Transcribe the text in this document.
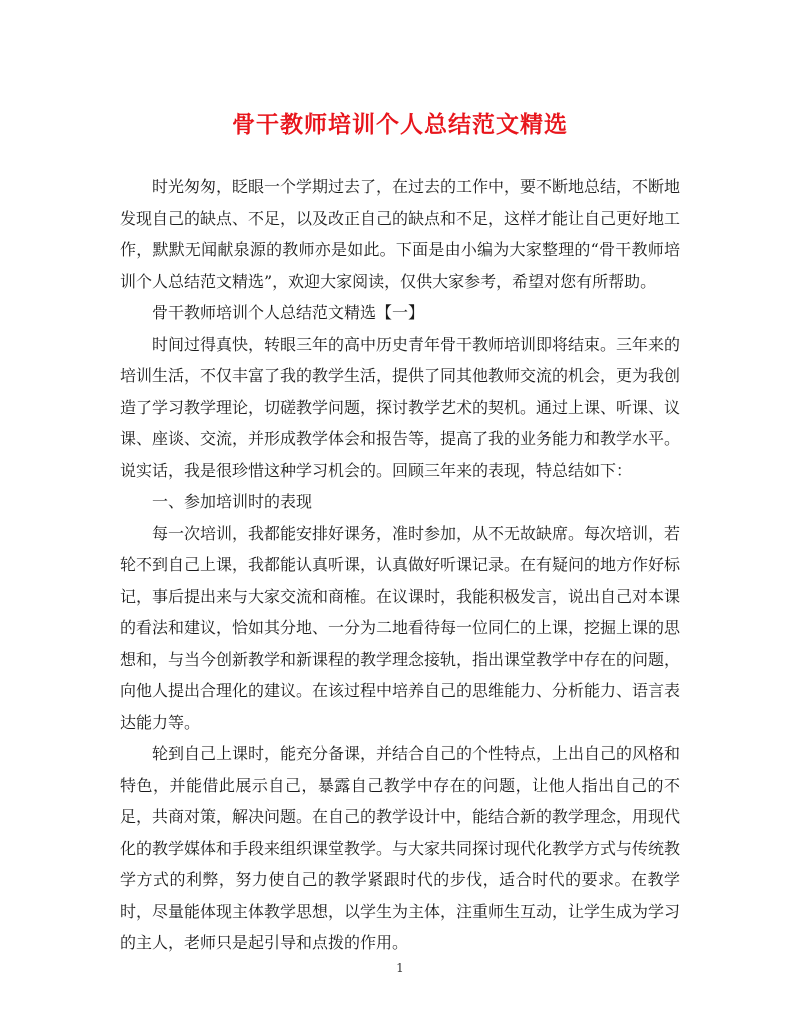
骨干教师培训个人总结范文精选

时光匆匆，眨眼一个学期过去了，在过去的工作中，要不断地总结，不断地发现自己的缺点、不足，以及改正自己的缺点和不足，这样才能让自己更好地工作，默默无闻献泉源的教师亦是如此。下面是由小编为大家整理的“骨干教师培训个人总结范文精选”，欢迎大家阅读，仅供大家参考，希望对您有所帮助。

骨干教师培训个人总结范文精选【一】

时间过得真快，转眼三年的高中历史青年骨干教师培训即将结束。三年来的培训生活，不仅丰富了我的教学生活，提供了同其他教师交流的机会，更为我创造了学习教学理论，切磋教学问题，探讨教学艺术的契机。通过上课、听课、议课、座谈、交流，并形成教学体会和报告等，提高了我的业务能力和教学水平。说实话，我是很珍惜这种学习机会的。回顾三年来的表现，特总结如下：

一、参加培训时的表现

每一次培训，我都能安排好课务，准时参加，从不无故缺席。每次培训，若轮不到自己上课，我都能认真听课，认真做好听课记录。在有疑问的地方作好标记，事后提出来与大家交流和商榷。在议课时，我能积极发言，说出自己对本课的看法和建议，恰如其分地、一分为二地看待每一位同仁的上课，挖掘上课的思想和，与当今创新教学和新课程的教学理念接轨，指出课堂教学中存在的问题，向他人提出合理化的建议。在该过程中培养自己的思维能力、分析能力、语言表达能力等。

轮到自己上课时，能充分备课，并结合自己的个性特点，上出自己的风格和特色，并能借此展示自己，暴露自己教学中存在的问题，让他人指出自己的不足，共商对策，解决问题。在自己的教学设计中，能结合新的教学理念，用现代化的教学媒体和手段来组织课堂教学。与大家共同探讨现代化教学方式与传统教学方式的利弊，努力使自己的教学紧跟时代的步伐，适合时代的要求。在教学时，尽量能体现主体教学思想，以学生为主体，注重师生互动，让学生成为学习的主人，老师只是起引导和点拨的作用。

1
